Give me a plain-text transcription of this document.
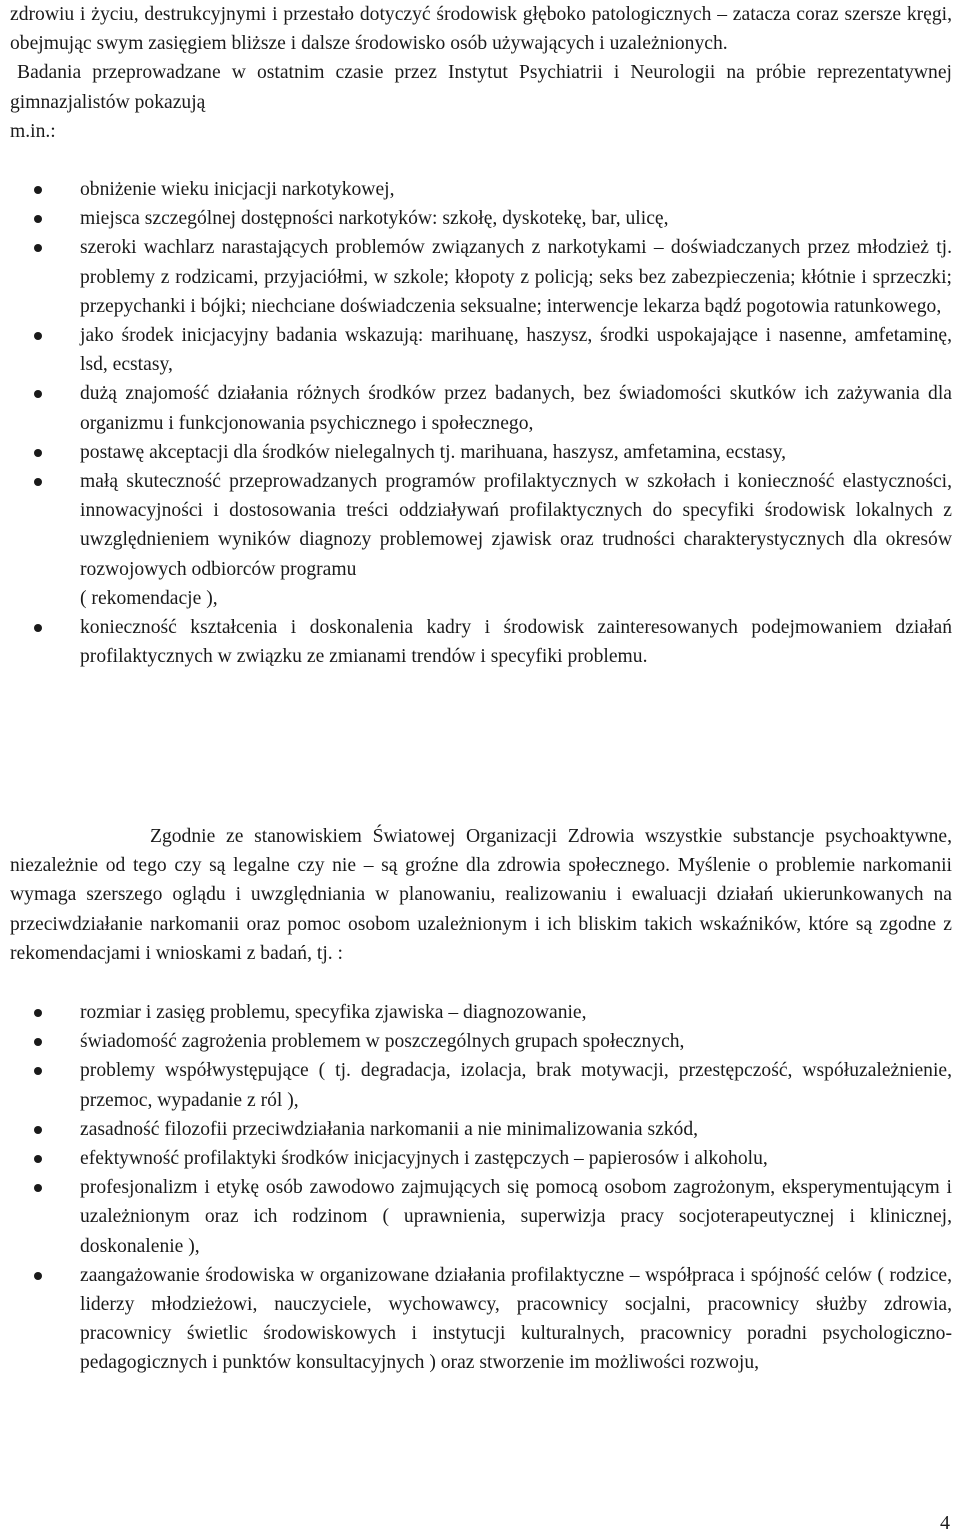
zdrowiu i życiu, destrukcyjnymi i przestało dotyczyć środowisk głęboko patologicznych – zatacza coraz szersze kręgi, obejmując swym zasięgiem bliższe i dalsze środowisko osób używających i uzależnionych.

Badania przeprowadzane w ostatnim czasie przez Instytut Psychiatrii i Neurologii na próbie reprezentatywnej gimnazjalistów pokazują

m.in.:

obniżenie wieku inicjacji narkotykowej,
miejsca szczególnej dostępności narkotyków: szkołę, dyskotekę, bar, ulicę,
szeroki wachlarz narastających problemów związanych z narkotykami – doświadczanych przez młodzież tj. problemy z rodzicami, przyjaciółmi, w szkole; kłopoty z policją; seks bez zabezpieczenia; kłótnie i sprzeczki; przepychanki i bójki; niechciane doświadczenia seksualne; interwencje lekarza bądź pogotowia ratunkowego,
jako środek inicjacyjny badania wskazują: marihuanę, haszysz, środki uspokajające i nasenne, amfetaminę, lsd, ecstasy,
dużą znajomość działania różnych środków przez badanych, bez świadomości skutków ich zażywania dla organizmu i funkcjonowania psychicznego i społecznego,
postawę akceptacji dla środków nielegalnych tj. marihuana, haszysz, amfetamina, ecstasy,
małą skuteczność przeprowadzanych programów profilaktycznych w szkołach i konieczność elastyczności, innowacyjności i dostosowania treści oddziaływań profilaktycznych do specyfiki środowisk lokalnych z uwzględnieniem wyników diagnozy problemowej zjawisk oraz trudności charakterystycznych dla okresów rozwojowych odbiorców programu
( rekomendacje ),
konieczność kształcenia i doskonalenia kadry i środowisk zainteresowanych podejmowaniem działań profilaktycznych w związku ze zmianami trendów i specyfiki problemu.

Zgodnie ze stanowiskiem Światowej Organizacji Zdrowia wszystkie substancje psychoaktywne, niezależnie od tego czy są legalne czy nie – są groźne dla zdrowia społecznego. Myślenie o problemie narkomanii wymaga szerszego oglądu i uwzględniania w planowaniu, realizowaniu i ewaluacji działań ukierunkowanych na przeciwdziałanie narkomanii oraz pomoc osobom uzależnionym i ich bliskim takich wskaźników, które są zgodne z rekomendacjami i wnioskami z badań, tj. :

rozmiar i zasięg problemu, specyfika zjawiska – diagnozowanie,
świadomość zagrożenia problemem w poszczególnych grupach społecznych,
problemy współwystępujące ( tj. degradacja, izolacja, brak motywacji, przestępczość, współuzależnienie, przemoc, wypadanie z ról ),
zasadność filozofii przeciwdziałania narkomanii a nie minimalizowania szkód,
efektywność profilaktyki środków inicjacyjnych i zastępczych – papierosów i alkoholu,
profesjonalizm i etykę osób zawodowo zajmujących się pomocą osobom zagrożonym, eksperymentującym i uzależnionym oraz ich rodzinom ( uprawnienia, superwizja pracy socjoterapeutycznej i klinicznej, doskonalenie ),
zaangażowanie środowiska w organizowane działania profilaktyczne – współpraca i spójność celów ( rodzice, liderzy młodzieżowi, nauczyciele, wychowawcy, pracownicy socjalni, pracownicy służby zdrowia, pracownicy świetlic środowiskowych i instytucji kulturalnych, pracownicy poradni psychologiczno-pedagogicznych i punktów konsultacyjnych ) oraz stworzenie im możliwości rozwoju,
4
